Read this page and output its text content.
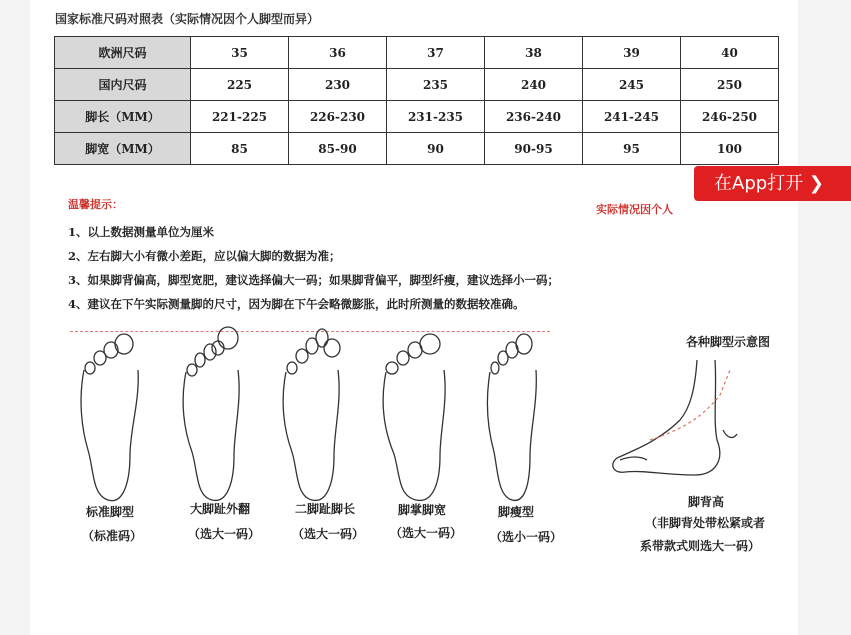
国家标准尺码对照表（实际情况因个人脚型而异）
欧洲尺码	35	36	37	38	39	40
国内尺码	225	230	235	240	245	250
脚长（MM）	221-225	226-230	231-235	236-240	241-245	246-250
脚宽（MM）	85	85-90	90	90-95	95	100
温馨提示：	实际情况因个人
1、以上数据测量单位为厘米
2、左右脚大小有微小差距，应以偏大脚的数据为准；
3、如果脚背偏高，脚型宽肥，建议选择偏大一码；如果脚背偏平，脚型纤瘦，建议选择小一码；
4、建议在下午实际测量脚的尺寸，因为脚在下午会略微膨胀，此时所测量的数据较准确。
标准脚型
（标准码）
大脚趾外翻
（选大一码）
二脚趾脚长
（选大一码）
脚掌脚宽
（选大一码）
脚瘦型
（选小一码）
各种脚型示意图
脚背高
（非脚背处带松紧或者
系带款式则选大一码）
在App打开 ❯
